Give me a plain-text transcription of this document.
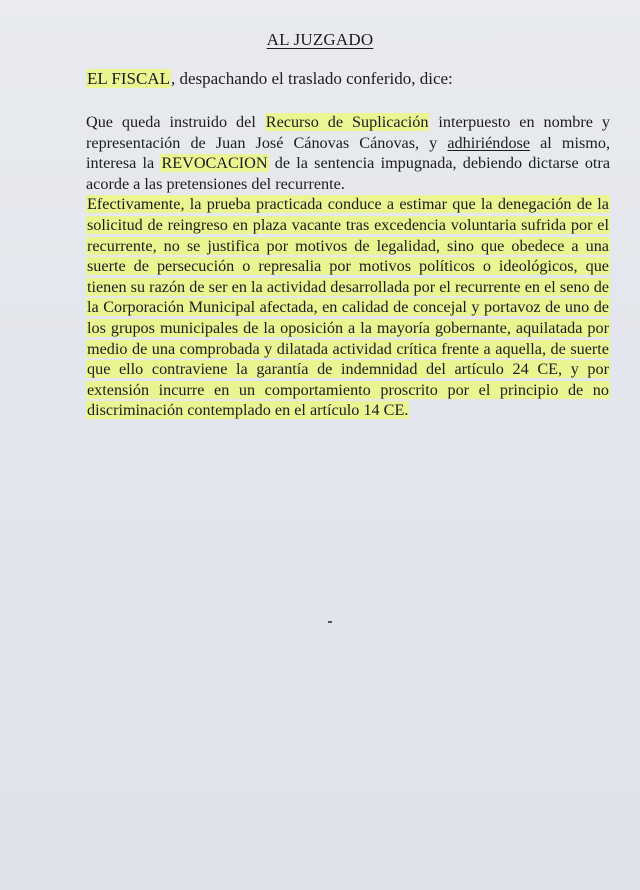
AL JUZGADO
EL FISCAL, despachando el traslado conferido, dice:

Que queda instruido del Recurso de Suplicación interpuesto en nombre y representación de Juan José Cánovas Cánovas, y adhiriéndose al mismo, interesa la REVOCACION de la sentencia impugnada, debiendo dictarse otra acorde a las pretensiones del recurrente.

Efectivamente, la prueba practicada conduce a estimar que la denegación de la solicitud de reingreso en plaza vacante tras excedencia voluntaria sufrida por el recurrente, no se justifica por motivos de legalidad, sino que obedece a una suerte de persecución o represalia por motivos políticos o ideológicos, que tienen su razón de ser en la actividad desarrollada por el recurrente en el seno de la Corporación Municipal afectada, en calidad de concejal y portavoz de uno de los grupos municipales de la oposición a la mayoría gobernante, aquilatada por medio de una comprobada y dilatada actividad crítica frente a aquella, de suerte que ello contraviene la garantía de indemnidad del artículo 24 CE, y por extensión incurre en un comportamiento proscrito por el principio de no discriminación contemplado en el artículo 14 CE.
